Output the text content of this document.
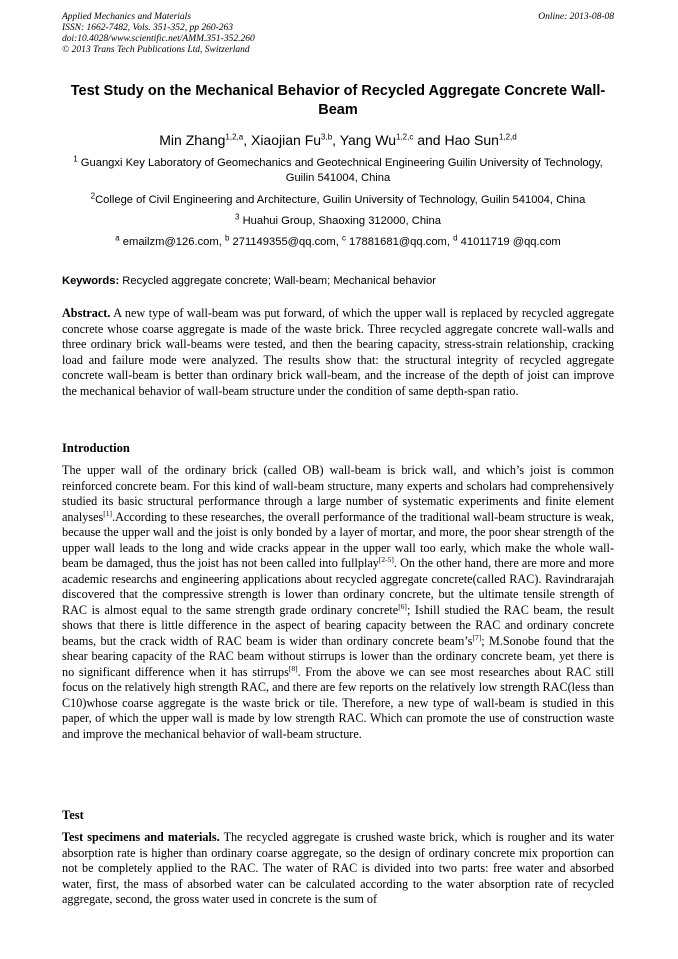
Applied Mechanics and Materials
ISSN: 1662-7482, Vols. 351-352, pp 260-263
doi:10.4028/www.scientific.net/AMM.351-352.260
© 2013 Trans Tech Publications Ltd, Switzerland
Online: 2013-08-08
Test Study on the Mechanical Behavior of Recycled Aggregate Concrete Wall-Beam
Min Zhang$^{1,2,a}$, Xiaojian Fu$^{3,b}$, Yang Wu$^{1,2,c}$ and Hao Sun$^{1,2,d}$
$^1$ Guangxi Key Laboratory of Geomechanics and Geotechnical Engineering Guilin University of Technology, Guilin 541004, China
$^2$College of Civil Engineering and Architecture, Guilin University of Technology, Guilin 541004, China
$^3$ Huahui Group, Shaoxing 312000, China
$^a$ emailzm@126.com, $^b$ 271149355@qq.com, $^c$ 17881681@qq.com, $^d$ 41011719 @qq.com
Keywords: Recycled aggregate concrete; Wall-beam; Mechanical behavior
Abstract. A new type of wall-beam was put forward, of which the upper wall is replaced by recycled aggregate concrete whose coarse aggregate is made of the waste brick. Three recycled aggregate concrete wall-walls and three ordinary brick wall-beams were tested, and then the bearing capacity, stress-strain relationship, cracking load and failure mode were analyzed. The results show that: the structural integrity of recycled aggregate concrete wall-beam is better than ordinary brick wall-beam, and the increase of the depth of joist can improve the mechanical behavior of wall-beam structure under the condition of same depth-span ratio.
Introduction
The upper wall of the ordinary brick (called OB) wall-beam is brick wall, and which’s joist is common reinforced concrete beam. For this kind of wall-beam structure, many experts and scholars had comprehensively studied its basic structural performance through a large number of systematic experiments and finite element analyses[1].According to these researches, the overall performance of the traditional wall-beam structure is weak, because the upper wall and the joist is only bonded by a layer of mortar, and more, the poor shear strength of the upper wall leads to the long and wide cracks appear in the upper wall too early, which make the whole wall-beam be damaged, thus the joist has not been called into fullplay[2-5]. On the other hand, there are more and more academic researchs and engineering applications about recycled aggregate concrete(called RAC). Ravindrarajah discovered that the compressive strength is lower than ordinary concrete, but the ultimate tensile strength of RAC is almost equal to the same strength grade ordinary concrete[6]; Ishill studied the RAC beam, the result shows that there is little difference in the aspect of bearing capacity between the RAC and ordinary concrete beams, but the crack width of RAC beam is wider than ordinary concrete beam’s[7]; M.Sonobe found that the shear bearing capacity of the RAC beam without stirrups is lower than the ordinary concrete beam, yet there is no significant difference when it has stirrups[8]. From the above we can see most researches about RAC still focus on the relatively high strength RAC, and there are few reports on the relatively low strength RAC(less than C10)whose coarse aggregate is the waste brick or tile. Therefore, a new type of wall-beam is studied in this paper, of which the upper wall is made by low strength RAC. Which can promote the use of construction waste and improve the mechanical behavior of wall-beam structure.
Test
Test specimens and materials. The recycled aggregate is crushed waste brick, which is rougher and its water absorption rate is higher than ordinary coarse aggregate, so the design of ordinary concrete mix proportion can not be completely applied to the RAC. The water of RAC is divided into two parts: free water and absorbed water, first, the mass of absorbed water can be calculated according to the water absorption rate of recycled aggregate, second, the gross water used in concrete is the sum of
